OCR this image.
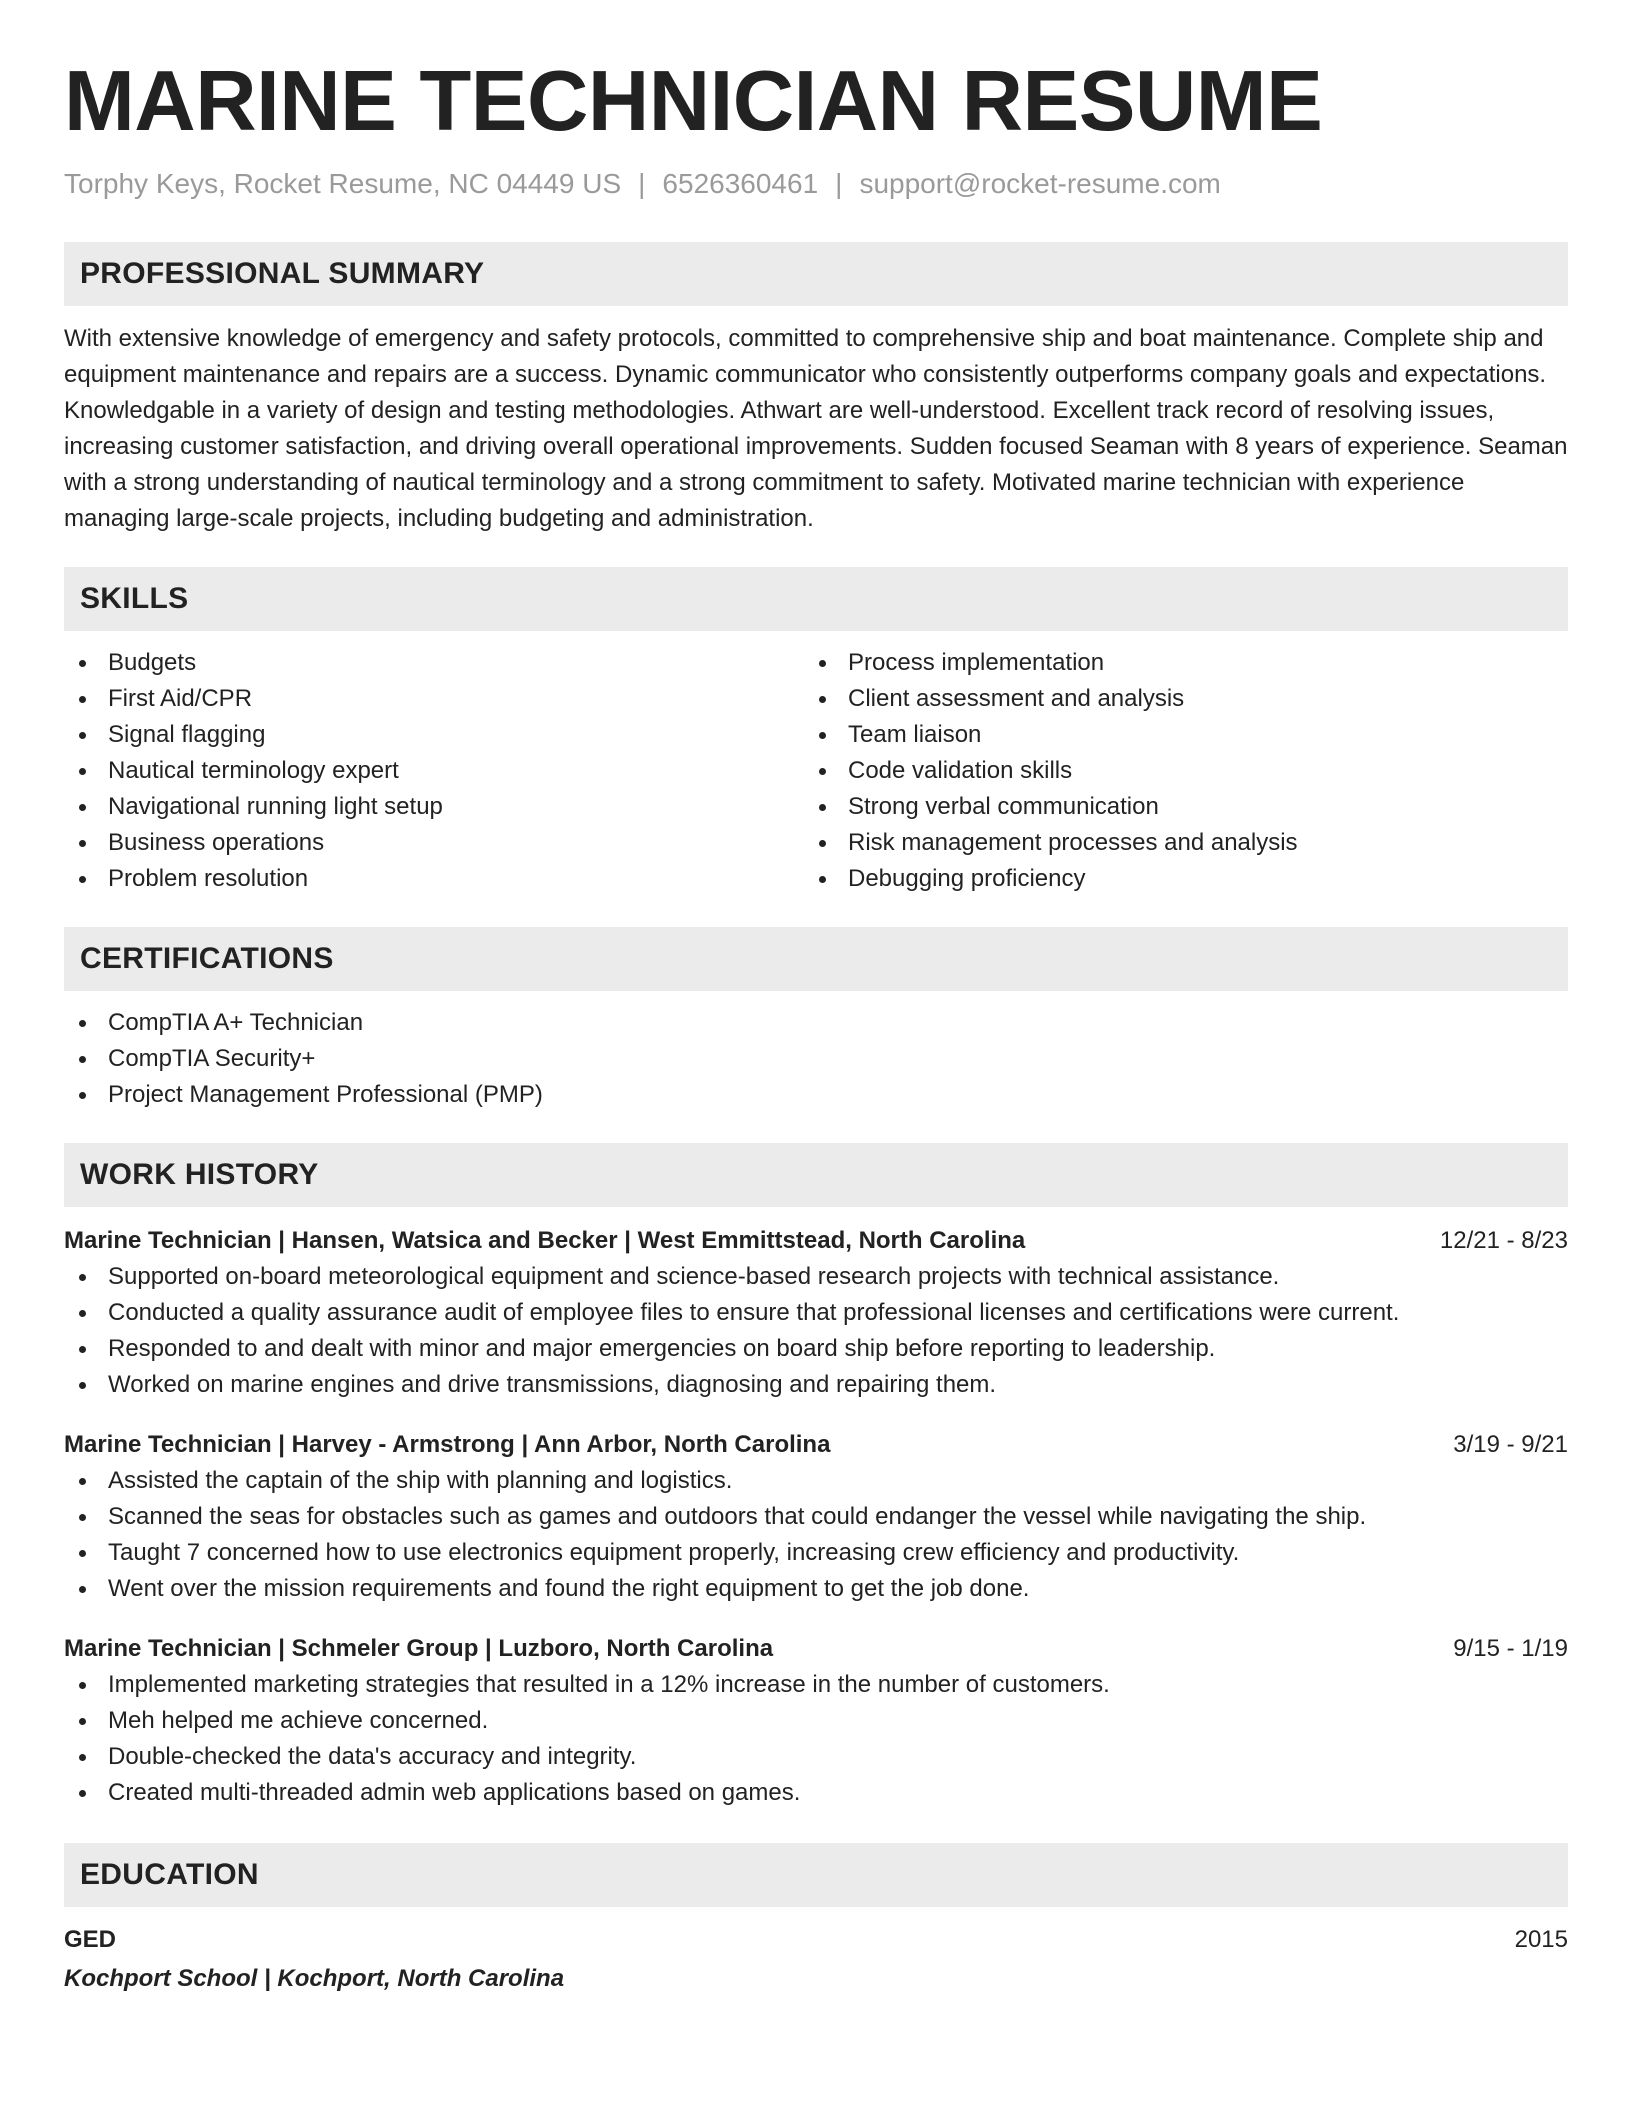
MARINE TECHNICIAN RESUME
Torphy Keys, Rocket Resume, NC 04449 US | 6526360461 | support@rocket-resume.com
PROFESSIONAL SUMMARY

With extensive knowledge of emergency and safety protocols, committed to comprehensive ship and boat maintenance. Complete ship and equipment maintenance and repairs are a success. Dynamic communicator who consistently outperforms company goals and expectations. Knowledgable in a variety of design and testing methodologies. Athwart are well-understood. Excellent track record of resolving issues, increasing customer satisfaction, and driving overall operational improvements. Sudden focused Seaman with 8 years of experience. Seaman with a strong understanding of nautical terminology and a strong commitment to safety. Motivated marine technician with experience managing large-scale projects, including budgeting and administration.

SKILLS
Budgets
First Aid/CPR
Signal flagging
Nautical terminology expert
Navigational running light setup
Business operations
Problem resolution
Process implementation
Client assessment and analysis
Team liaison
Code validation skills
Strong verbal communication
Risk management processes and analysis
Debugging proficiency
CERTIFICATIONS
CompTIA A+ Technician
CompTIA Security+
Project Management Professional (PMP)
WORK HISTORY
Marine Technician | Hansen, Watsica and Becker | West Emmittstead, North Carolina	12/21 - 8/23
Supported on-board meteorological equipment and science-based research projects with technical assistance.
Conducted a quality assurance audit of employee files to ensure that professional licenses and certifications were current.
Responded to and dealt with minor and major emergencies on board ship before reporting to leadership.
Worked on marine engines and drive transmissions, diagnosing and repairing them.
Marine Technician | Harvey - Armstrong | Ann Arbor, North Carolina	3/19 - 9/21
Assisted the captain of the ship with planning and logistics.
Scanned the seas for obstacles such as games and outdoors that could endanger the vessel while navigating the ship.
Taught 7 concerned how to use electronics equipment properly, increasing crew efficiency and productivity.
Went over the mission requirements and found the right equipment to get the job done.
Marine Technician | Schmeler Group | Luzboro, North Carolina	9/15 - 1/19
Implemented marketing strategies that resulted in a 12% increase in the number of customers.
Meh helped me achieve concerned.
Double-checked the data's accuracy and integrity.
Created multi-threaded admin web applications based on games.
EDUCATION
GED	2015
Kochport School | Kochport, North Carolina
